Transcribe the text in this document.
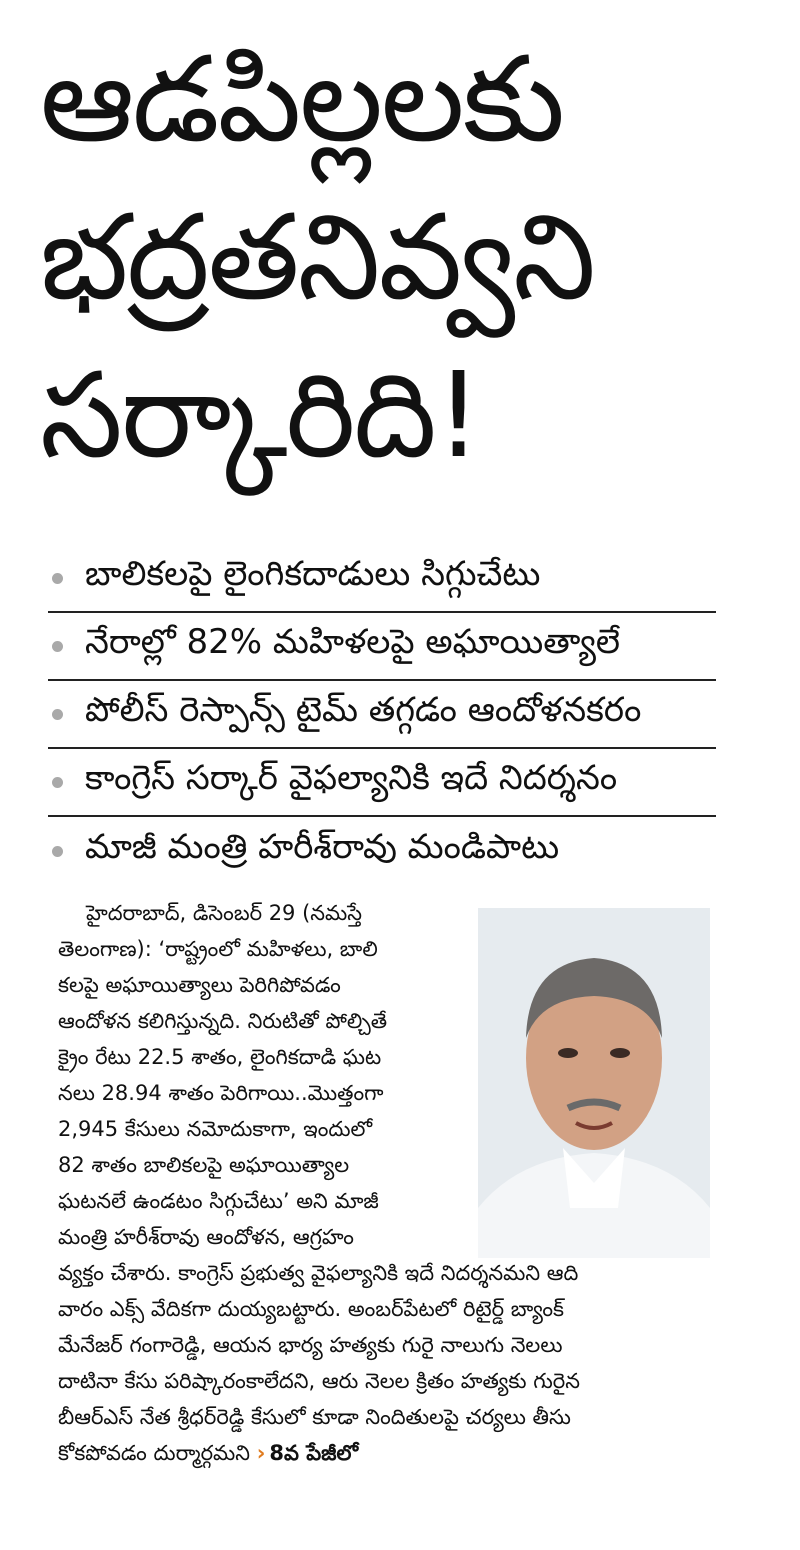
ఆడపిల్లలకు
భద్రతనివ్వని
సర్కారిది!
బాలికలపై లైంగికదాడులు సిగ్గుచేటు
నేరాల్లో 82% మహిళలపై అఘాయిత్యాలే
పోలీస్ రెస్పాన్స్ టైమ్ తగ్గడం ఆందోళనకరం
కాంగ్రెస్ సర్కార్ వైఫల్యానికి ఇదే నిదర్శనం
మాజీ మంత్రి హరీశ్‌రావు మండిపాటు
హైదరాబాద్, డిసెంబర్ 29 (నమస్తే
తెలంగాణ): ‘రాష్ట్రంలో మహిళలు, బాలి
కలపై అఘాయిత్యాలు పెరిగిపోవడం
ఆందోళన కలిగిస్తున్నది. నిరుటితో పోల్చితే
క్రైం రేటు 22.5 శాతం, లైంగికదాడి ఘట
నలు 28.94 శాతం పెరిగాయి..మొత్తంగా
2,945 కేసులు నమోదుకాగా, ఇందులో
82 శాతం బాలికలపై అఘాయిత్యాల
ఘటనలే ఉండటం సిగ్గుచేటు’ అని మాజీ
మంత్రి హరీశ్‌రావు ఆందోళన, ఆగ్రహం
వ్యక్తం చేశారు. కాంగ్రెస్ ప్రభుత్వ వైఫల్యానికి ఇదే నిదర్శనమని ఆది
వారం ఎక్స్ వేదికగా దుయ్యబట్టారు. అంబర్‌పేటలో రిటైర్డ్ బ్యాంక్
మేనేజర్ గంగారెడ్డి, ఆయన భార్య హత్యకు గురై నాలుగు నెలలు
దాటినా కేసు పరిష్కారంకాలేదని, ఆరు నెలల క్రితం హత్యకు గురైన
బీఆర్‌ఎస్ నేత శ్రీధర్‌రెడ్డి కేసులో కూడా నిందితులపై చర్యలు తీసు
కోకపోవడం దుర్మార్గమని › 8వ పేజీలో
